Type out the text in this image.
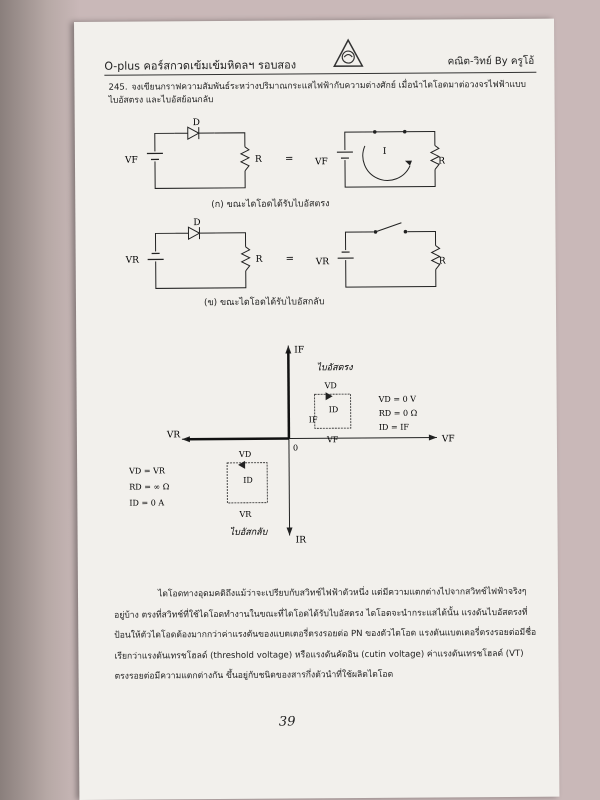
O-plus คอร์สกวดเข้มเข้มหิดลฯ รอบสอง	คณิต-วิทย์ By ครูโอ้
245. จงเขียนกราฟความสัมพันธ์ระหว่างปริมาณกระแสไฟฟ้ากับความต่างศักย์ เมื่อนำไดโอดมาต่อวงจรไฟฟ้าแบบไบอัสตรง และไบอัสย้อนกลับ
D
VF	R =
I
VF	R
(ก) ขณะไดโอดได้รับไบอัสตรง
D
VR	R = VR	R
(ข) ขณะไดโอดได้รับไบอัสกลับ
IF
IR
VF
VR
0
ไบอัสตรง
VD
ID
IF
VF
VD = 0 V
RD = 0 Ω
ID = IF
VD
ID
VR
ไบอัสกลับ
VD = VR
RD = ∞ Ω
ID = 0 A
ไดโอดทางอุดมคติถึงแม้ว่าจะเปรียบกับสวิทช์ไฟฟ้าตัวหนึ่ง แต่มีความแตกต่างไปจากสวิทช์ไฟฟ้าจริงๆ อยู่บ้าง ตรงที่สวิทช์ที่ใช้ไดโอดทำงานในขณะที่ไดโอดได้รับไบอัสตรง ไดโอดจะนำกระแสได้นั้น แรงดันไบอัสตรงที่ป้อนให้ตัวไดโอดต้องมากกว่าค่าแรงดันของแบตเตอรี่ตรงรอยต่อ PN ของตัวไดโอด แรงดันแบตเตอรี่ตรงรอยต่อมีชื่อเรียกว่าแรงดันเทรชโฮลด์ (threshold voltage) หรือแรงดันคัดอิน (cutin voltage) ค่าแรงดันเทรชโฮลด์ (VT) ตรงรอยต่อมีความแตกต่างกัน ขึ้นอยู่กับชนิดของสารกึ่งตัวนำที่ใช้ผลิตไดโอด
39
